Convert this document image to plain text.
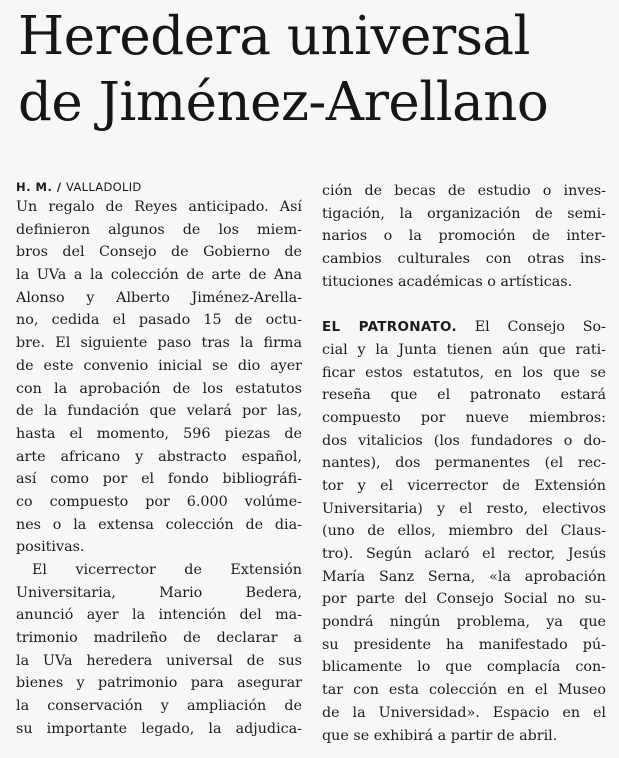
Heredera universal
de Jiménez-Arellano
H. M. / VALLADOLID
Un regalo de Reyes anticipado. Así
definieron algunos de los miem-
bros del Consejo de Gobierno de
la UVa a la colección de arte de Ana
Alonso y Alberto Jiménez-Arella-
no, cedida el pasado 15 de octu-
bre. El siguiente paso tras la firma
de este convenio inicial se dio ayer
con la aprobación de los estatutos
de la fundación que velará por las,
hasta el momento, 596 piezas de
arte africano y abstracto español,
así como por el fondo bibliográfi-
co compuesto por 6.000 volúme-
nes o la extensa colección de dia-
positivas.
El vicerrector de Extensión
Universitaria, Mario Bedera,
anunció ayer la intención del ma-
trimonio madrileño de declarar a
la UVa heredera universal de sus
bienes y patrimonio para asegurar
la conservación y ampliación de
su importante legado, la adjudica-
ción de becas de estudio o inves-
tigación, la organización de semi-
narios o la promoción de inter-
cambios culturales con otras ins-
tituciones académicas o artísticas.
EL PATRONATO. El Consejo So-
cial y la Junta tienen aún que rati-
ficar estos estatutos, en los que se
reseña que el patronato estará
compuesto por nueve miembros:
dos vitalicios (los fundadores o do-
nantes), dos permanentes (el rec-
tor y el vicerrector de Extensión
Universitaria) y el resto, electivos
(uno de ellos, miembro del Claus-
tro). Según aclaró el rector, Jesús
María Sanz Serna, «la aprobación
por parte del Consejo Social no su-
pondrá ningún problema, ya que
su presidente ha manifestado pú-
blicamente lo que complacía con-
tar con esta colección en el Museo
de la Universidad». Espacio en el
que se exhibirá a partir de abril.
